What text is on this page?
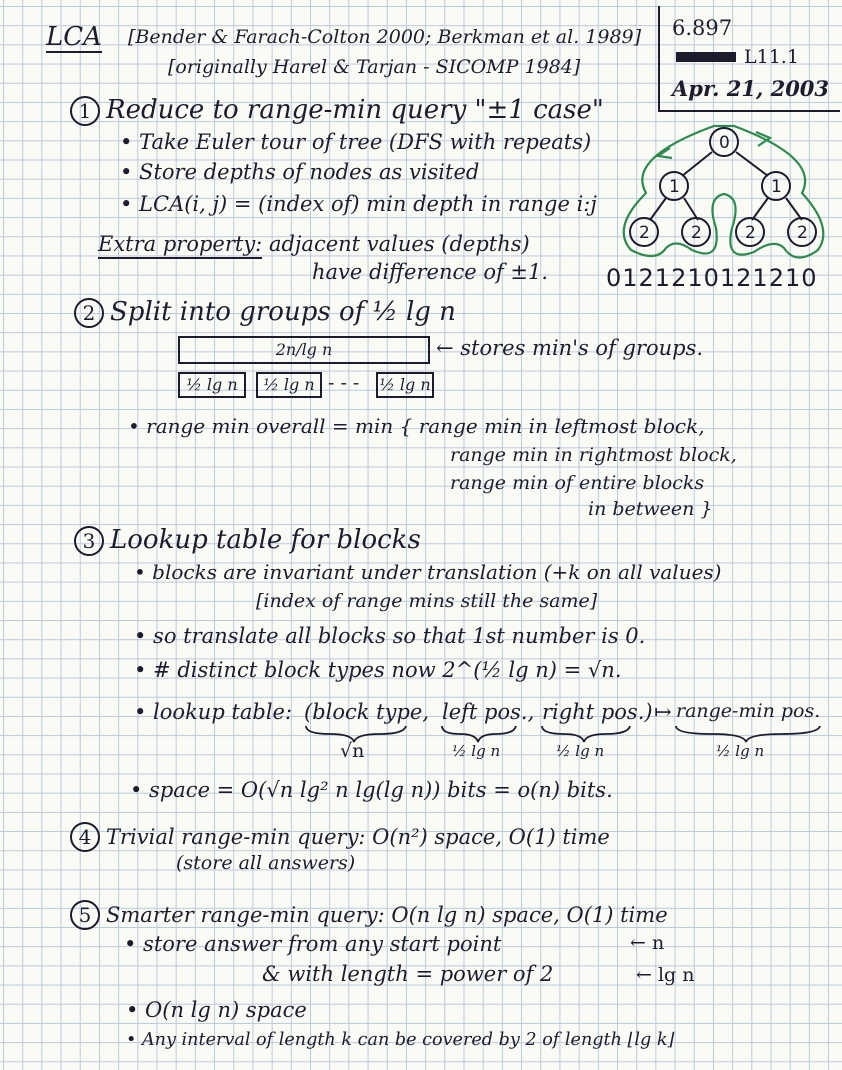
LCA [Bender & Farach-Colton 2000; Berkman et al. 1989]
[originally Harel & Tarjan - SICOMP 1984]
6.897
L11.1
Apr. 21, 2003
1 Reduce to range-min query "±1 case"
• Take Euler tour of tree (DFS with repeats)
• Store depths of nodes as visited
• LCA(i, j) = (index of) min depth in range i:j
Extra property: adjacent values (depths)
have difference of ±1.
0
1	1
2 2	2 2
0121210121210
2 Split into groups of ½ lg n
2n/lg n	← stores min's of groups.
½ lg n	½ lg n - - - ½ lg n
• range min overall = min { range min in leftmost block,
range min in rightmost block,
range min of entire blocks
in between }
3 Lookup table for blocks
• blocks are invariant under translation (+k on all values)
[index of range mins still the same]
• so translate all blocks so that 1st number is 0.
• # distinct block types now 2^(½ lg n) = √n.
• lookup table: (block type, left pos., right pos.) ↦ range-min pos.
√n	½ lg n	½ lg n	½ lg n
• space = O(√n lg² n lg(lg n)) bits = o(n) bits.
4 Trivial range-min query: O(n²) space, O(1) time
(store all answers)
5 Smarter range-min query: O(n lg n) space, O(1) time
• store answer from any start point	← n
& with length = power of 2	← lg n
• O(n lg n) space
• Any interval of length k can be covered by 2 of length ⌊lg k⌋
